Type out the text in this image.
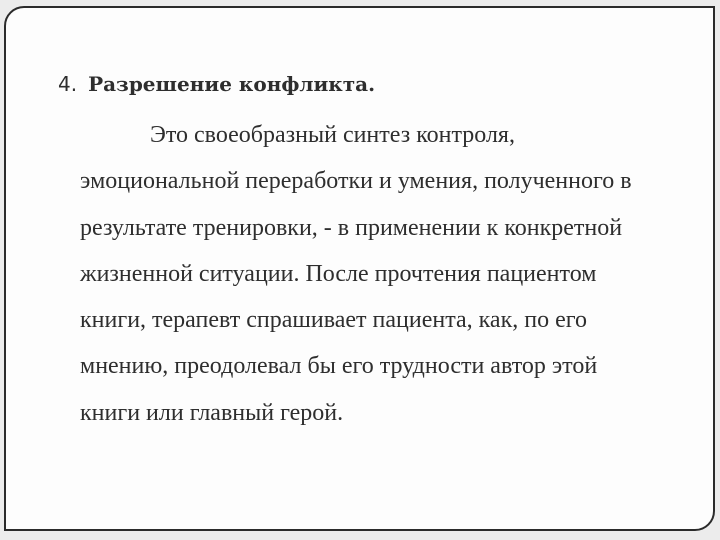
4. Разрешение конфликта.
Это своеобразный синтез контроля,
эмоциональной переработки и умения, полученного в
результате тренировки, - в применении к конкретной
жизненной ситуации. После прочтения пациентом
книги, терапевт спрашивает пациента, как, по его
мнению, преодолевал бы его трудности автор этой
книги или главный герой.
